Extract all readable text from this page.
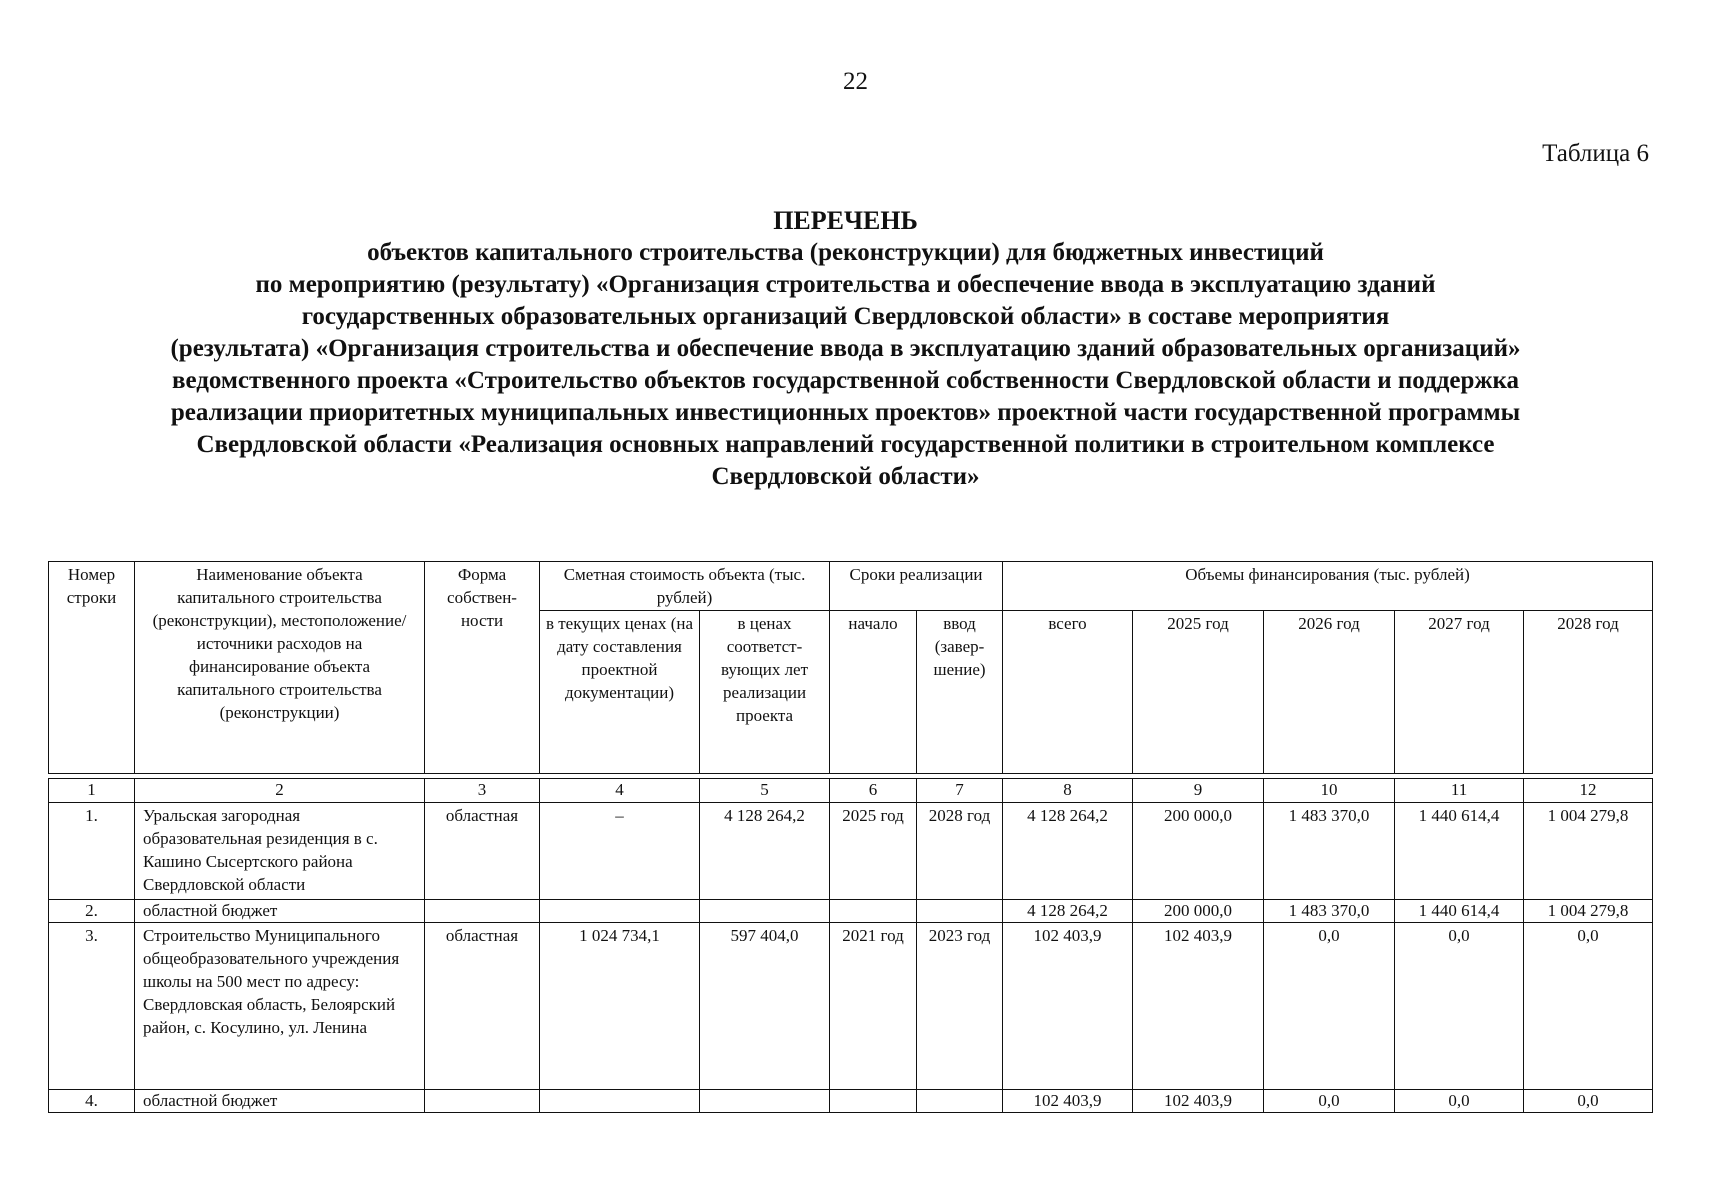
22
Таблица 6
ПЕРЕЧЕНЬ
объектов капитального строительства (реконструкции) для бюджетных инвестиций
по мероприятию (результату) «Организация строительства и обеспечение ввода в эксплуатацию зданий
государственных образовательных организаций Свердловской области» в составе мероприятия
(результата) «Организация строительства и обеспечение ввода в эксплуатацию зданий образовательных организаций»
ведомственного проекта «Строительство объектов государственной собственности Свердловской области и поддержка
реализации приоритетных муниципальных инвестиционных проектов» проектной части государственной программы
Свердловской области «Реализация основных направлений государственной политики в строительном комплексе
Свердловской области»
Номер строки	Наименование объекта капитального строительства (реконструкции), местоположение/ источники расходов на финансирование объекта капитального строительства (реконструкции)	Форма собствен-ности	Сметная стоимость объекта (тыс. рублей)		Сроки реализации		Объемы финансирования (тыс. рублей)				
			в текущих ценах (на дату составления проектной документации)	в ценах соответст-вующих лет реализации проекта	начало	ввод (завер-шение)	всего	2025 год	2026 год	2027 год	2028 год

1	2	3	4	5	6	7	8	9	10	11	12
1.	Уральская загородная образовательная резиденция в с. Кашино Сысертского района Свердловской области	областная	–	4 128 264,2	2025 год	2028 год	4 128 264,2	200 000,0	1 483 370,0	1 440 614,4	1 004 279,8
2.	областной бюджет						4 128 264,2	200 000,0	1 483 370,0	1 440 614,4	1 004 279,8
3.	Строительство Муниципального общеобразовательного учреждения школы на 500 мест по адресу: Свердловская область, Белоярский район, с. Косулино, ул. Ленина	областная	1 024 734,1	597 404,0	2021 год	2023 год	102 403,9	102 403,9	0,0	0,0	0,0
4.	областной бюджет						102 403,9	102 403,9	0,0	0,0	0,0
